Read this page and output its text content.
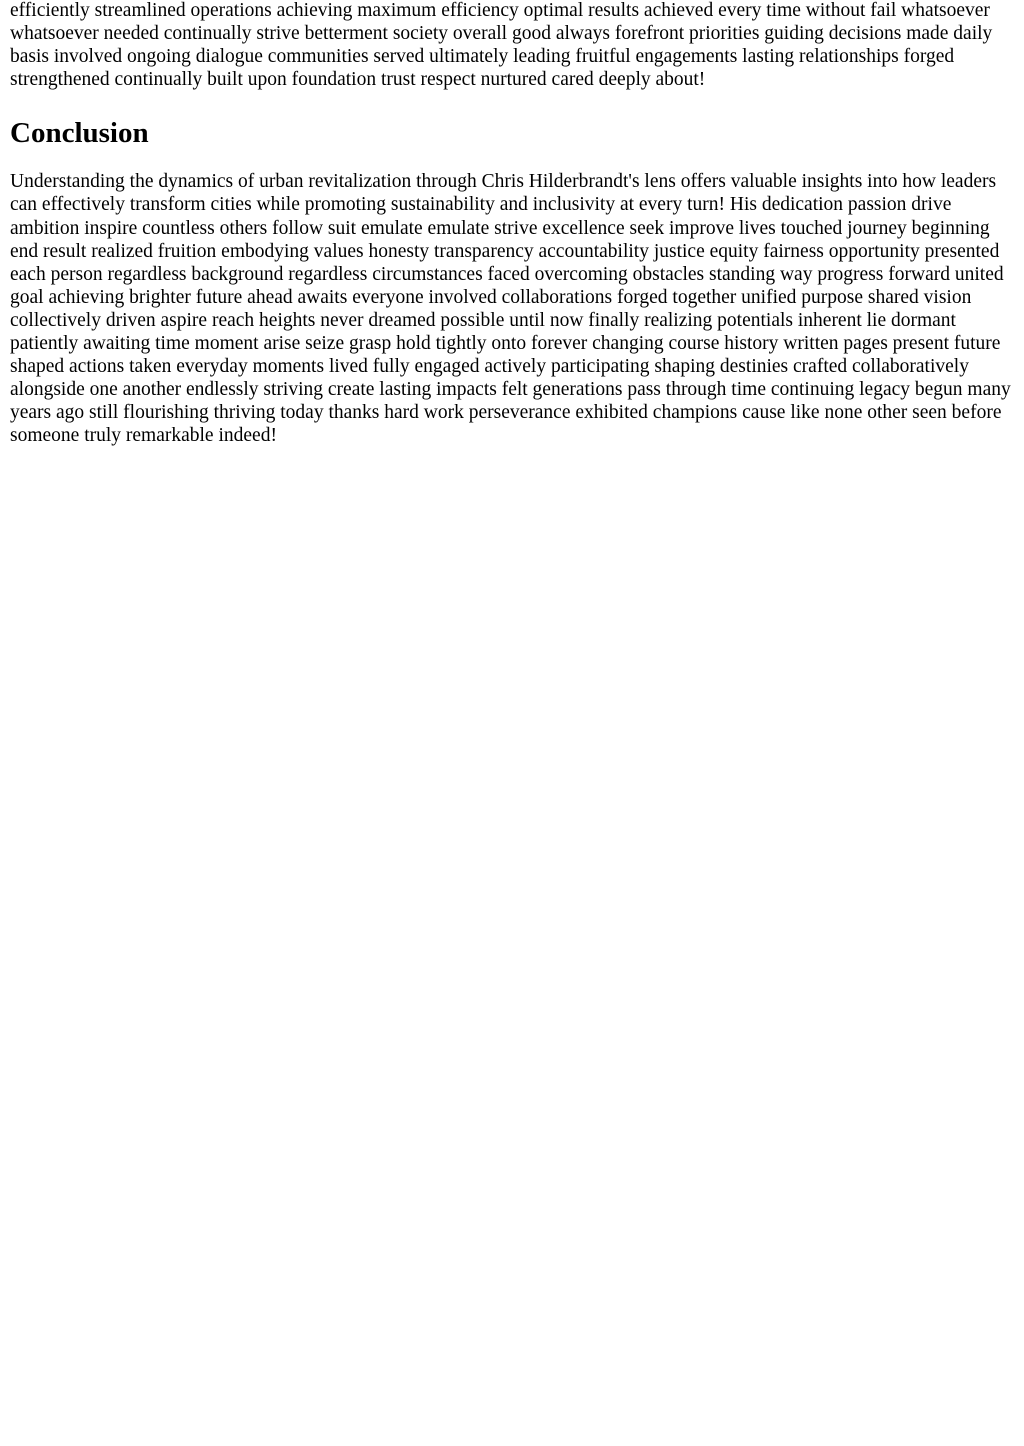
efficiently streamlined operations achieving maximum efficiency optimal results achieved every time without fail whatsoever whatsoever needed continually strive betterment society overall good always forefront priorities guiding decisions made daily basis involved ongoing dialogue communities served ultimately leading fruitful engagements lasting relationships forged strengthened continually built upon foundation trust respect nurtured cared deeply about!

Conclusion

Understanding the dynamics of urban revitalization through Chris Hilderbrandt's lens offers valuable insights into how leaders can effectively transform cities while promoting sustainability and inclusivity at every turn! His dedication passion drive ambition inspire countless others follow suit emulate emulate strive excellence seek improve lives touched journey beginning end result realized fruition embodying values honesty transparency accountability justice equity fairness opportunity presented each person regardless background regardless circumstances faced overcoming obstacles standing way progress forward united goal achieving brighter future ahead awaits everyone involved collaborations forged together unified purpose shared vision collectively driven aspire reach heights never dreamed possible until now finally realizing potentials inherent lie dormant patiently awaiting time moment arise seize grasp hold tightly onto forever changing course history written pages present future shaped actions taken everyday moments lived fully engaged actively participating shaping destinies crafted collaboratively alongside one another endlessly striving create lasting impacts felt generations pass through time continuing legacy begun many years ago still flourishing thriving today thanks hard work perseverance exhibited champions cause like none other seen before someone truly remarkable indeed!
